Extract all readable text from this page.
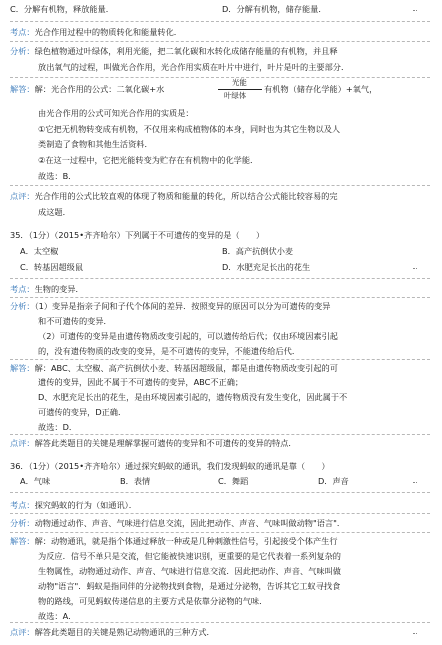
C．分解有机物，释放能量．	D．分解有机物，储存能量．
考点：光合作用过程中的物质转化和能量转化．
分析：绿色植物通过叶绿体，利用光能，把二氧化碳和水转化成储存能量的有机物，并且释
放出氧气的过程，叫做光合作用，光合作用实质在叶片中进行，叶片是叶的主要部分．
解答：解：光合作用的公式：二氧化碳+水
光能
叶绿体
有机物（储存化学能）+氧气，
由光合作用的公式可知光合作用的实质是：
①它把无机物转变成有机物，不仅用来构成植物体的本身，同时也为其它生物以及人
类制造了食物和其他生活资料．
②在这一过程中，它把光能转变为贮存在有机物中的化学能．
故选：B．
点评：光合作用的公式比较直观的体现了物质和能量的转化，所以结合公式能比较容易的完
成这题．
35．（1分）（2015•齐齐哈尔）下列属于不可遗传的变异的是（　　）
A．太空椒	B．高产抗倒伏小麦
C．转基因超级鼠	D．水肥充足长出的花生
考点：生物的变异．
分析：（1）变异是指亲子间和子代个体间的差异．按照变异的原因可以分为可遗传的变异
和不可遗传的变异．
（2）可遗传的变异是由遗传物质改变引起的，可以遗传给后代；仅由环境因素引起
的，没有遗传物质的改变的变异，是不可遗传的变异，不能遗传给后代．
解答：解：ABC、太空椒、高产抗倒伏小麦、转基因超级鼠，都是由遗传物质改变引起的可
遗传的变异，因此不属于不可遗传的变异，ABC不正确；
D、水肥充足长出的花生，是由环境因素引起的，遗传物质没有发生变化，因此属于不
可遗传的变异，D正确．
故选：D．
点评：解答此类题目的关键是理解掌握可遗传的变异和不可遗传的变异的特点．
36．（1分）（2015•齐齐哈尔）通过探究蚂蚁的通讯，我们发现蚂蚁的通讯是靠（　　）
A．气味	B．表情	C．舞蹈	D．声音
考点：探究蚂蚁的行为（如通讯）．
分析：动物通过动作、声音、气味进行信息交流，因此把动作、声音、气味叫做动物"语言"．
解答：解：动物通讯，就是指个体通过释放一种或是几种刺激性信号，引起接受个体产生行
为反应．信号不单只是交流，但它能被快速识别，更重要的是它代表着一系列复杂的
生物属性，动物通过动作、声音、气味进行信息交流．因此把动作、声音、气味叫做
动物"语言"．蚂蚁是指同伴的分泌物找到食物，是通过分泌物，告诉其它工蚁寻找食
物的路线，可见蚂蚁传递信息的主要方式是依靠分泌物的气味．
故选：A．
点评：解答此类题目的关键是熟记动物通讯的三种方式．
